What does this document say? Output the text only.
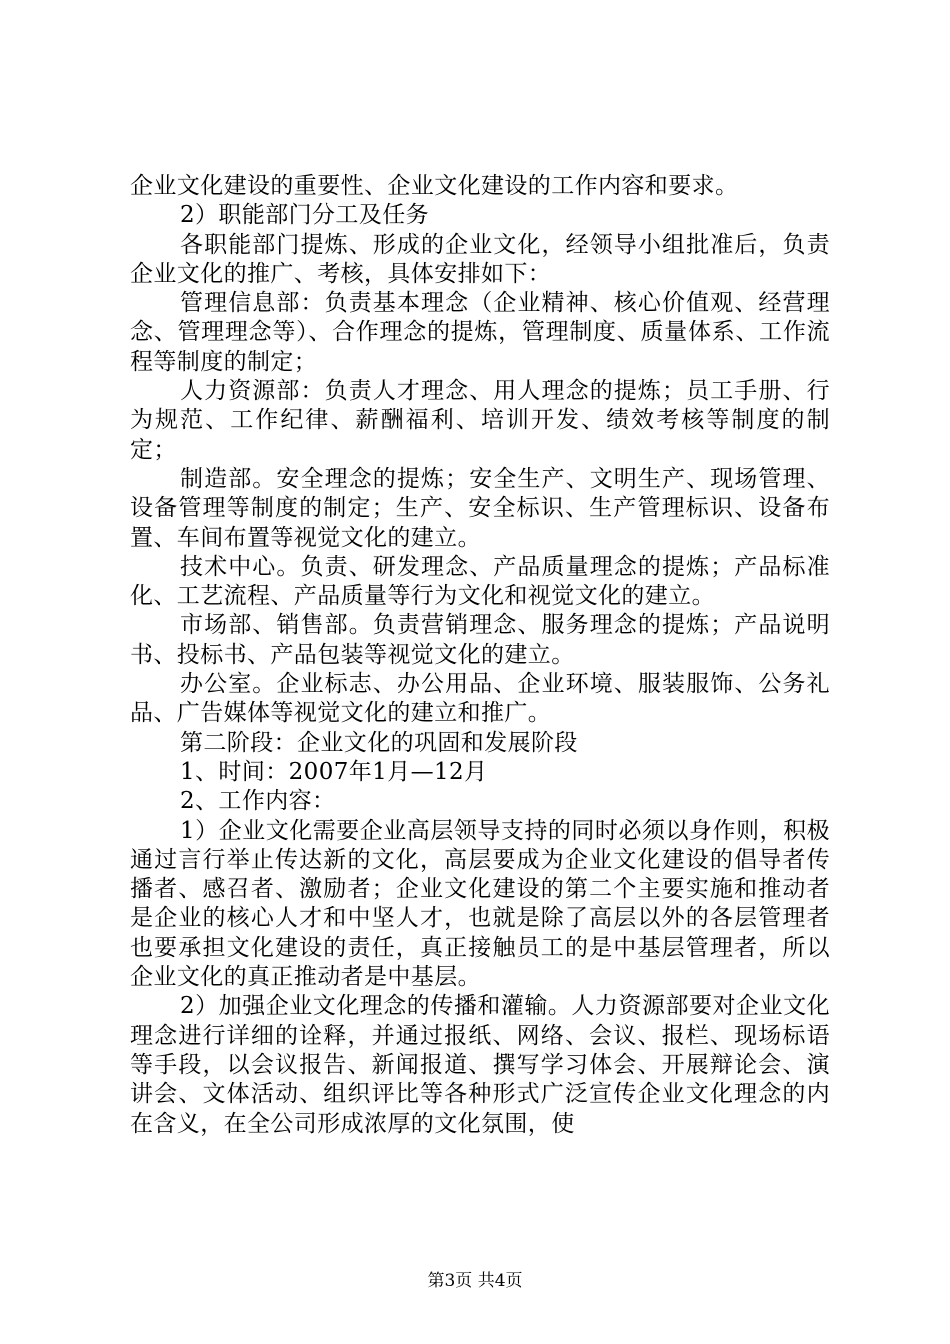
企业文化建设的重要性、企业文化建设的工作内容和要求。

2）职能部门分工及任务

各职能部门提炼、形成的企业文化，经领导小组批准后，负责企业文化的推广、考核，具体安排如下：

管理信息部：负责基本理念（企业精神、核心价值观、经营理念、管理理念等）、合作理念的提炼，管理制度、质量体系、工作流程等制度的制定；

人力资源部：负责人才理念、用人理念的提炼；员工手册、行为规范、工作纪律、薪酬福利、培训开发、绩效考核等制度的制定；

制造部。安全理念的提炼；安全生产、文明生产、现场管理、设备管理等制度的制定；生产、安全标识、生产管理标识、设备布置、车间布置等视觉文化的建立。

技术中心。负责、研发理念、产品质量理念的提炼；产品标准化、工艺流程、产品质量等行为文化和视觉文化的建立。

市场部、销售部。负责营销理念、服务理念的提炼；产品说明书、投标书、产品包装等视觉文化的建立。

办公室。企业标志、办公用品、企业环境、服装服饰、公务礼品、广告媒体等视觉文化的建立和推广。

第二阶段：企业文化的巩固和发展阶段

1、时间：2007年1月—12月

2、工作内容：

1）企业文化需要企业高层领导支持的同时必须以身作则，积极通过言行举止传达新的文化，高层要成为企业文化建设的倡导者传播者、感召者、激励者；企业文化建设的第二个主要实施和推动者是企业的核心人才和中坚人才，也就是除了高层以外的各层管理者也要承担文化建设的责任，真正接触员工的是中基层管理者，所以企业文化的真正推动者是中基层。

2）加强企业文化理念的传播和灌输。人力资源部要对企业文化理念进行详细的诠释，并通过报纸、网络、会议、报栏、现场标语等手段，以会议报告、新闻报道、撰写学习体会、开展辩论会、演讲会、文体活动、组织评比等各种形式广泛宣传企业文化理念的内在含义，在全公司形成浓厚的文化氛围，使

第3页 共4页
